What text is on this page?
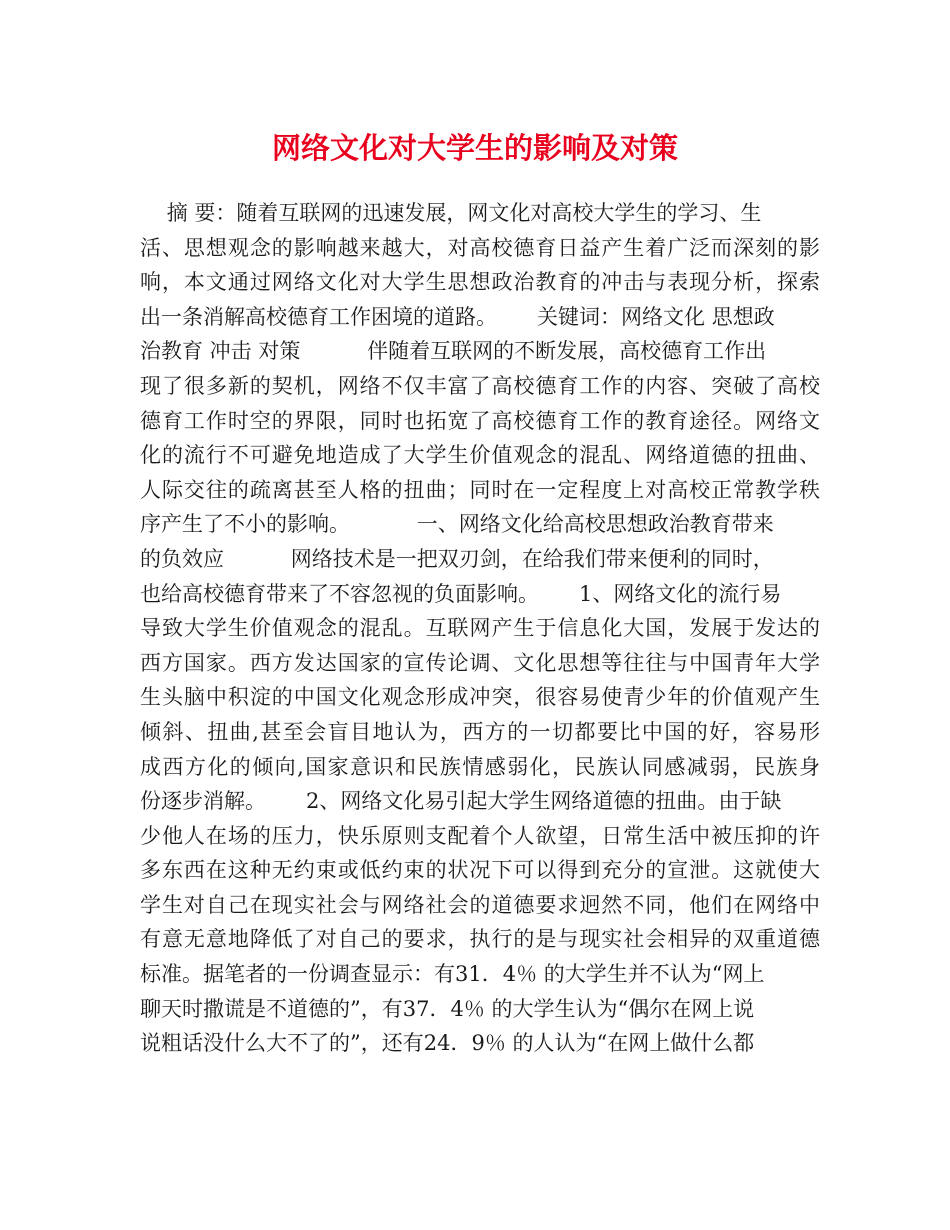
网络文化对大学生的影响及对策
摘 要：随着互联网的迅速发展，网文化对高校大学生的学习、生
活、思想观念的影响越来越大，对高校德育日益产生着广泛而深刻的影
响，本文通过网络文化对大学生思想政治教育的冲击与表现分析，探索
出一条消解高校德育工作困境的道路。      关键词：网络文化 思想政
治教育 冲击 对策          伴随着互联网的不断发展，高校德育工作出
现了很多新的契机，网络不仅丰富了高校德育工作的内容、突破了高校
德育工作时空的界限，同时也拓宽了高校德育工作的教育途径。网络文
化的流行不可避免地造成了大学生价值观念的混乱、网络道德的扭曲、
人际交往的疏离甚至人格的扭曲；同时在一定程度上对高校正常教学秩
序产生了不小的影响。          一、网络文化给高校思想政治教育带来
的负效应          网络技术是一把双刃剑，在给我们带来便利的同时，
也给高校德育带来了不容忽视的负面影响。      1、网络文化的流行易
导致大学生价值观念的混乱。互联网产生于信息化大国，发展于发达的
西方国家。西方发达国家的宣传论调、文化思想等往往与中国青年大学
生头脑中积淀的中国文化观念形成冲突，很容易使青少年的价值观产生
倾斜、扭曲,甚至会盲目地认为，西方的一切都要比中国的好，容易形
成西方化的倾向,国家意识和民族情感弱化，民族认同感减弱，民族身
份逐步消解。      2、网络文化易引起大学生网络道德的扭曲。由于缺
少他人在场的压力，快乐原则支配着个人欲望，日常生活中被压抑的许
多东西在这种无约束或低约束的状况下可以得到充分的宣泄。这就使大
学生对自己在现实社会与网络社会的道德要求迥然不同，他们在网络中
有意无意地降低了对自己的要求，执行的是与现实社会相异的双重道德
标准。据笔者的一份调查显示：有31．4％ 的大学生并不认为“网上
聊天时撒谎是不道德的”，有37．4％ 的大学生认为“偶尔在网上说
说粗话没什么大不了的”，还有24．9％ 的人认为“在网上做什么都
